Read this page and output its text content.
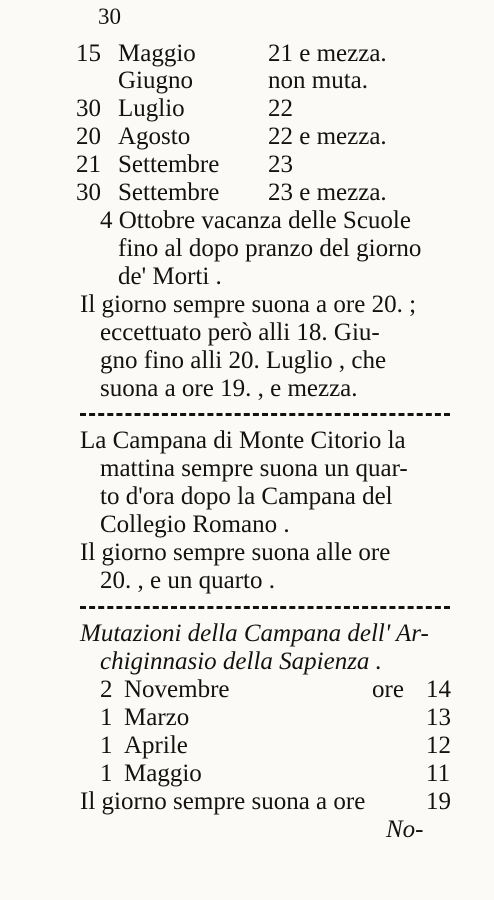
30
15 Maggio	21 e mezza.
Giugno	non muta.
30 Luglio	22
20 Agosto	22 e mezza.
21 Settembre 23
30 Settembre 23 e mezza.
4 Ottobre vacanza delle Scuole
fino al dopo pranzo del giorno
de' Morti .
Il giorno sempre suona a ore 20. ;
eccettuato però alli 18. Giu-
gno fino alli 20. Luglio , che
suona a ore 19. , e mezza.
La Campana di Monte Citorio la
mattina sempre suona un quar-
to d'ora dopo la Campana del
Collegio Romano .
Il giorno sempre suona alle ore
20. , e un quarto .
Mutazioni della Campana dell' Ar-
chiginnasio della Sapienza .
2 Novembre	ore 14
1 Marzo	13
1 Aprile	12
1 Maggio	11
Il giorno sempre suona a ore 19
No-
